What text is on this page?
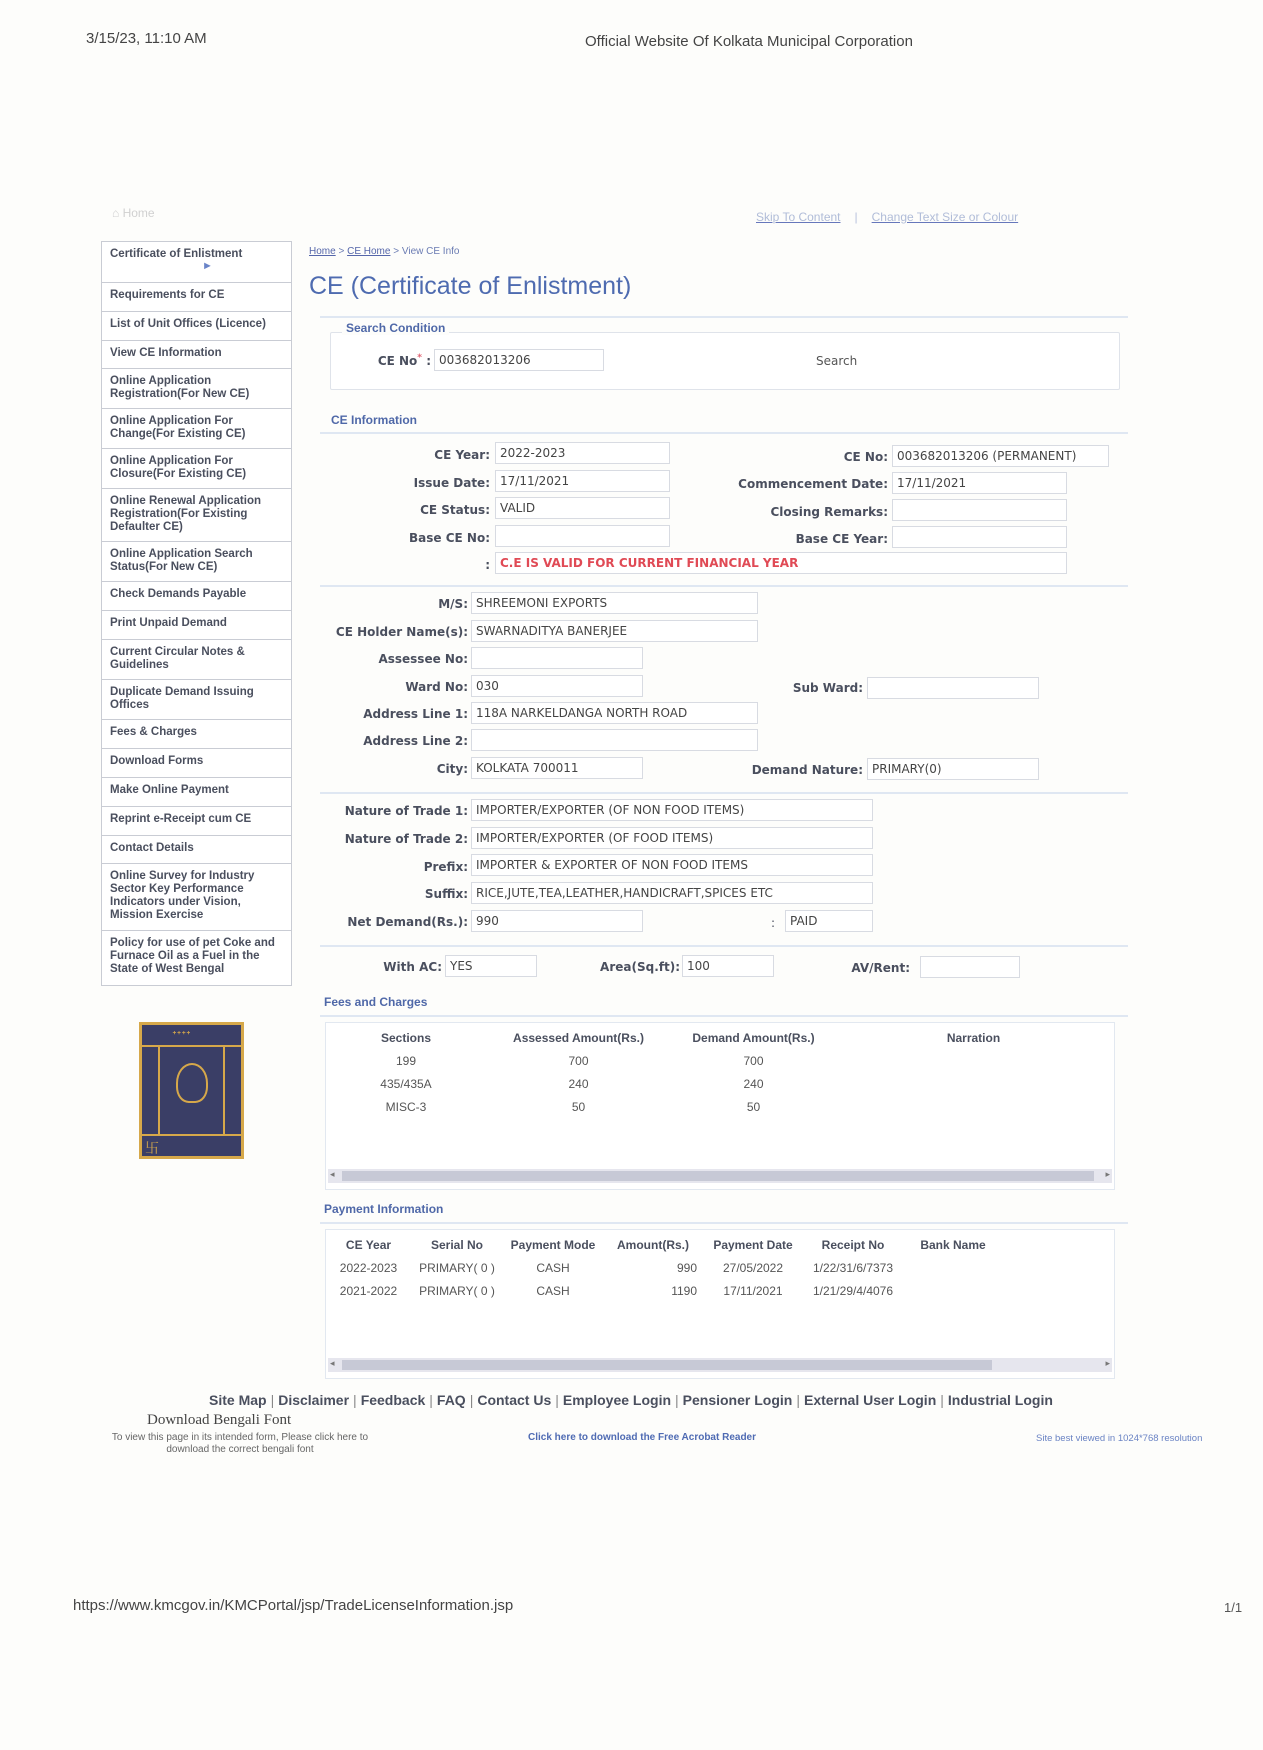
3/15/23, 11:10 AM	Official Website Of Kolkata Municipal Corporation
⌂ Home	Skip To Content | Change Text Size or Colour
Certificate of Enlistment
►
Requirements for CE
List of Unit Offices (Licence)
View CE Information
Online Application Registration(For New CE)
Online Application For Change(For Existing CE)
Online Application For Closure(For Existing CE)
Online Renewal Application Registration(For Existing Defaulter CE)
Online Application Search Status(For New CE)
Check Demands Payable
Print Unpaid Demand
Current Circular Notes & Guidelines
Duplicate Demand Issuing Offices
Fees & Charges
Download Forms
Make Online Payment
Reprint e-Receipt cum CE
Contact Details
Online Survey for Industry Sector Key Performance Indicators under Vision, Mission Exercise
Policy for use of pet Coke and Furnace Oil as a Fuel in the State of West Bengal
ᐩᐩᐩᐩ
卐
Home > CE Home > View CE Info
CE (Certificate of Enlistment)
CE No* : 003682013206	Search
Search Condition
CE Information
CE Year: 2022-2023	CE No: 003682013206 (PERMANENT)
Issue Date: 17/11/2021	Commencement Date: 17/11/2021
CE Status: VALID	Closing Remarks:
Base CE No:	Base CE Year:
: C.E IS VALID FOR CURRENT FINANCIAL YEAR
M/S: SHREEMONI EXPORTS
CE Holder Name(s): SWARNADITYA BANERJEE
Assessee No:
Ward No: 030	Sub Ward:
Address Line 1: 118A NARKELDANGA NORTH ROAD
Address Line 2:
City: KOLKATA 700011	Demand Nature: PRIMARY(0)
Nature of Trade 1: IMPORTER/EXPORTER (OF NON FOOD ITEMS)
Nature of Trade 2: IMPORTER/EXPORTER (OF FOOD ITEMS)
Prefix: IMPORTER & EXPORTER OF NON FOOD ITEMS
Suffix: RICE,JUTE,TEA,LEATHER,HANDICRAFT,SPICES ETC
Net Demand(Rs.): 990	:	PAID
With AC: YES	Area(Sq.ft): 100	AV/Rent:
Fees and Charges
Sections	Assessed Amount(Rs.)	Demand Amount(Rs.)	Narration
199	700	700	
435/435A	240	240	
MISC-3	50	50	
◂	▸
Payment Information
CE Year	Serial No	Payment Mode	Amount(Rs.)	Payment Date	Receipt No	Bank Name
2022-2023	PRIMARY( 0 )	CASH	990	27/05/2022	1/22/31/6/7373	
2021-2022	PRIMARY( 0 )	CASH	1190	17/11/2021	1/21/29/4/4076	
◂	▸
Site Map | Disclaimer | Feedback | FAQ | Contact Us | Employee Login | Pensioner Login | External User Login | Industrial Login
Download Bengali Font
To view this page in its intended form, Please click here to download the correct bengali font
Click here to download the Free Acrobat Reader	Site best viewed in 1024*768 resolution
https://www.kmcgov.in/KMCPortal/jsp/TradeLicenseInformation.jsp	1/1
